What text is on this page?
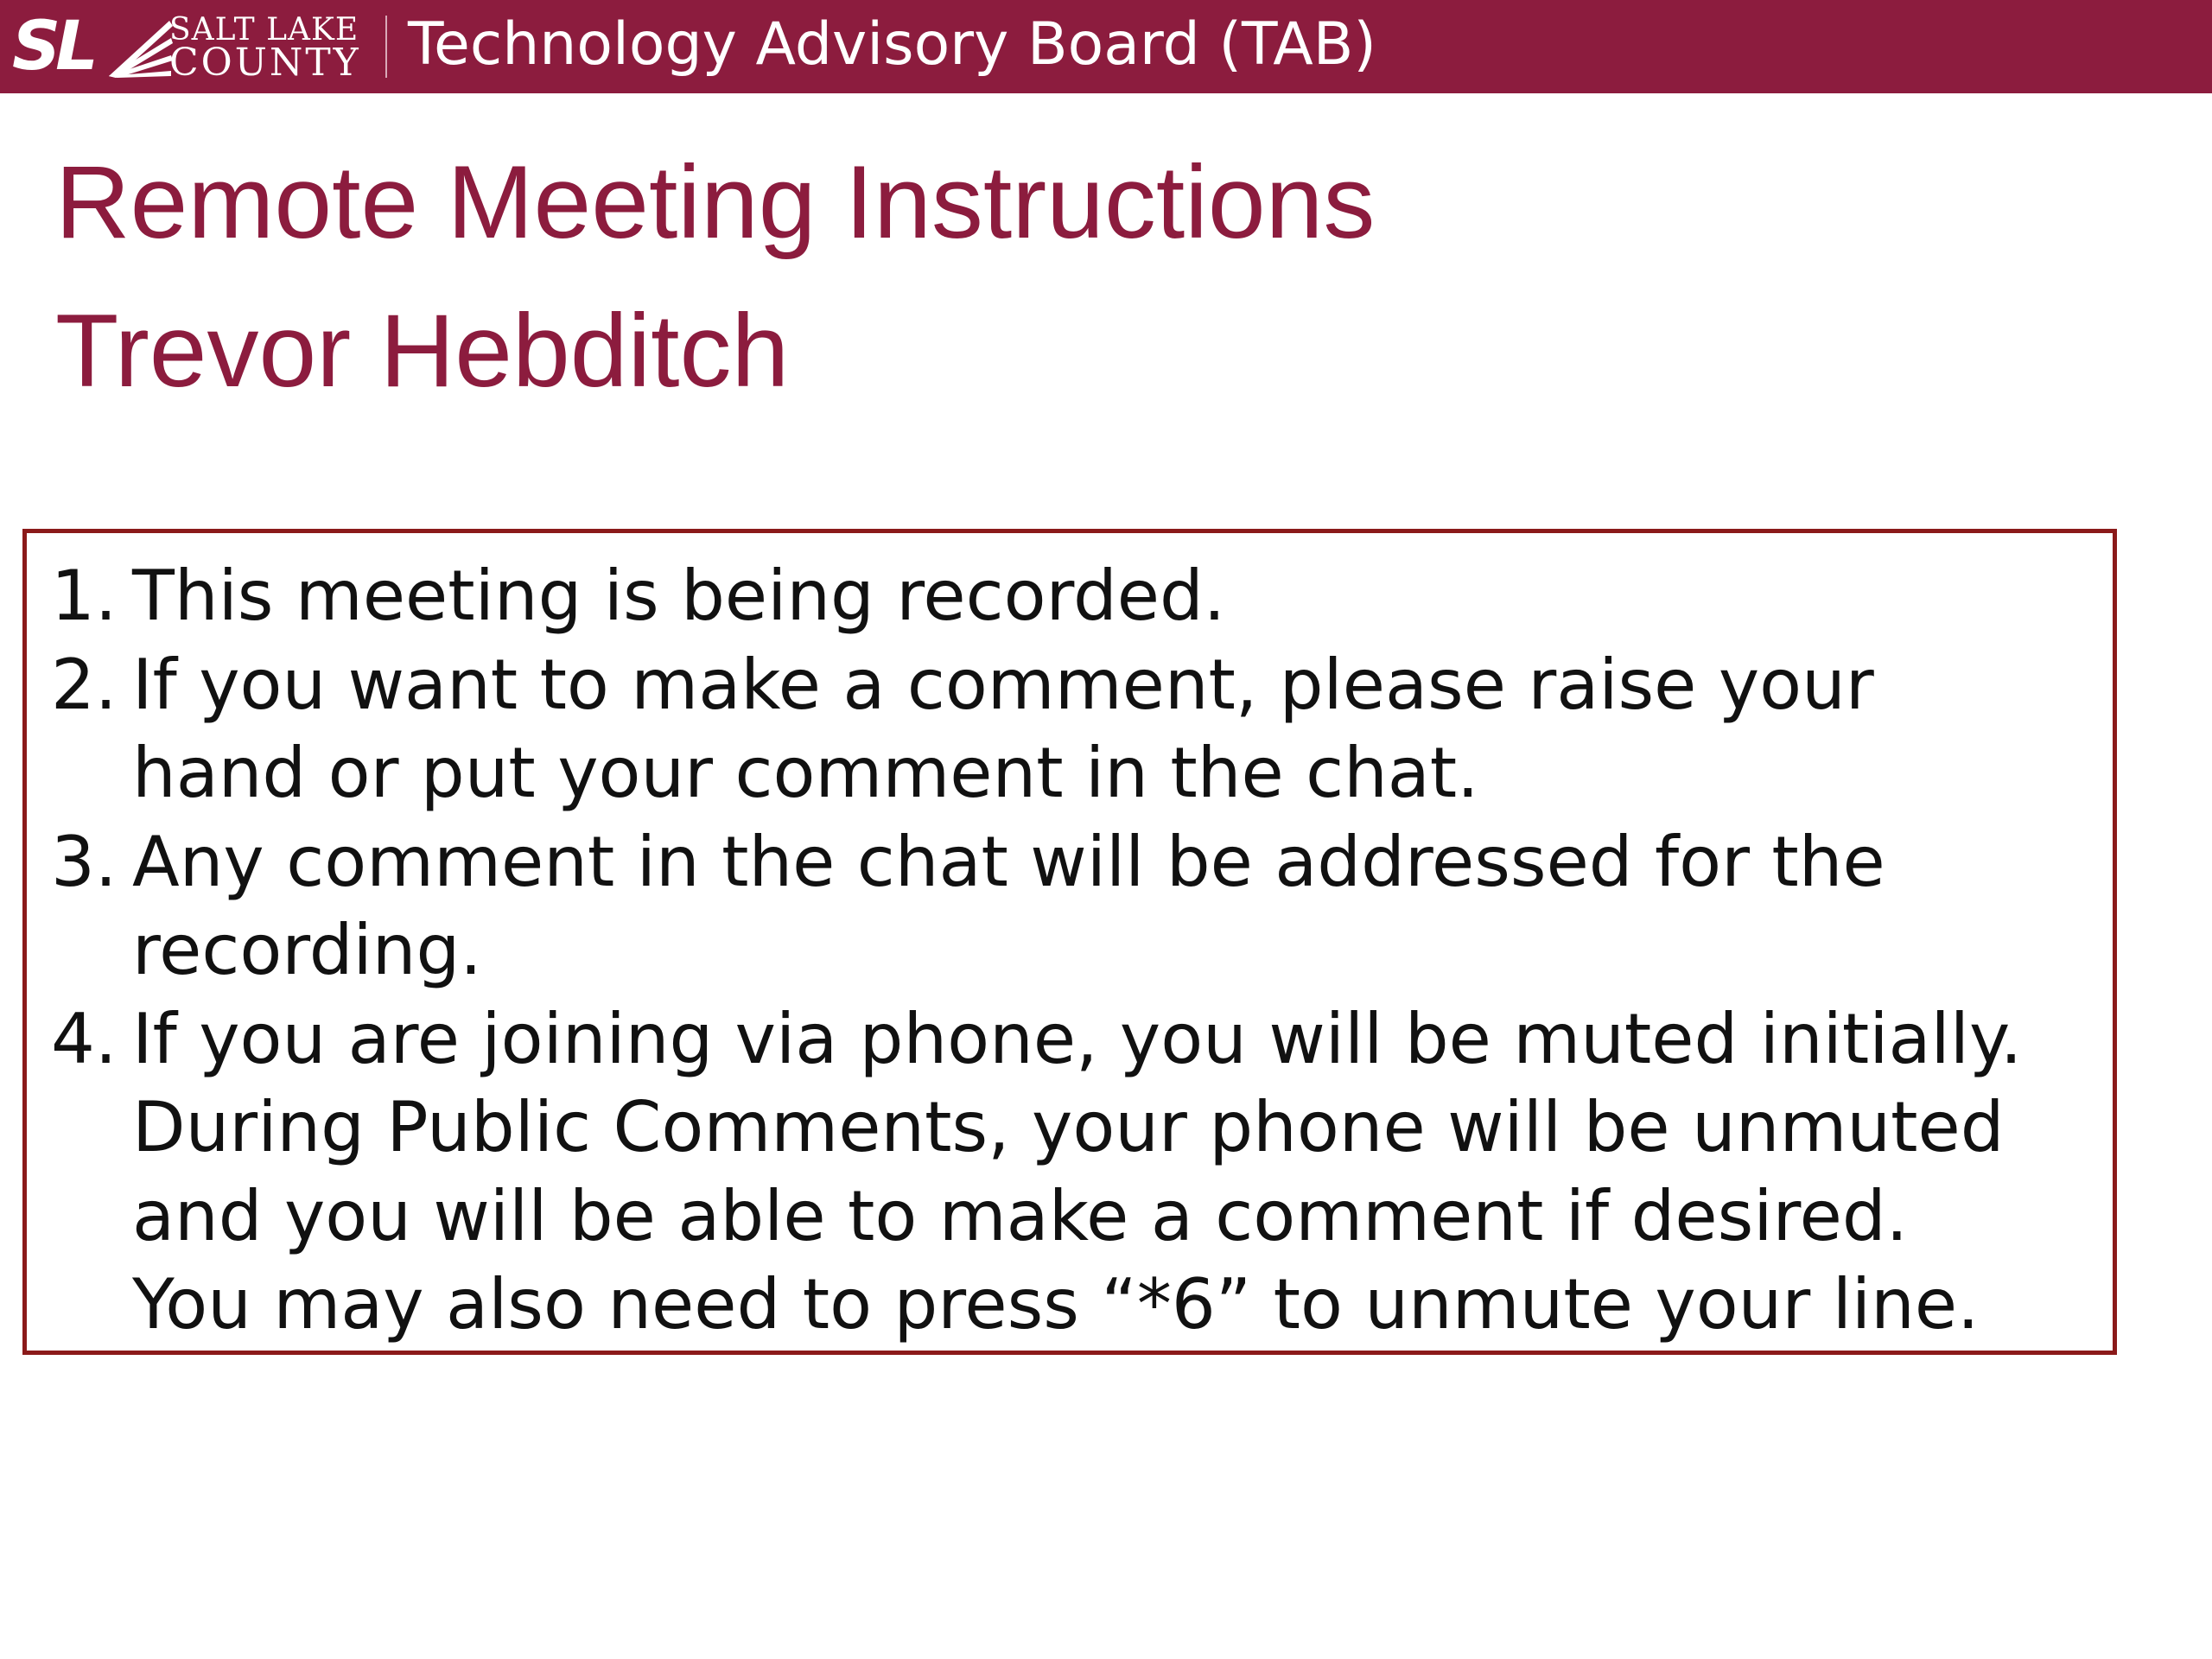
SL SALT LAKE
COUNTY Technology Advisory Board (TAB)
Remote Meeting Instructions
Trevor Hebditch
1. This meeting is being recorded.
2. If you want to make a comment, please raise your
hand or put your comment in the chat.
3. Any comment in the chat will be addressed for the
recording.
4. If you are joining via phone, you will be muted initially.
During Public Comments, your phone will be unmuted
and you will be able to make a comment if desired.
You may also need to press “*6” to unmute your line.
